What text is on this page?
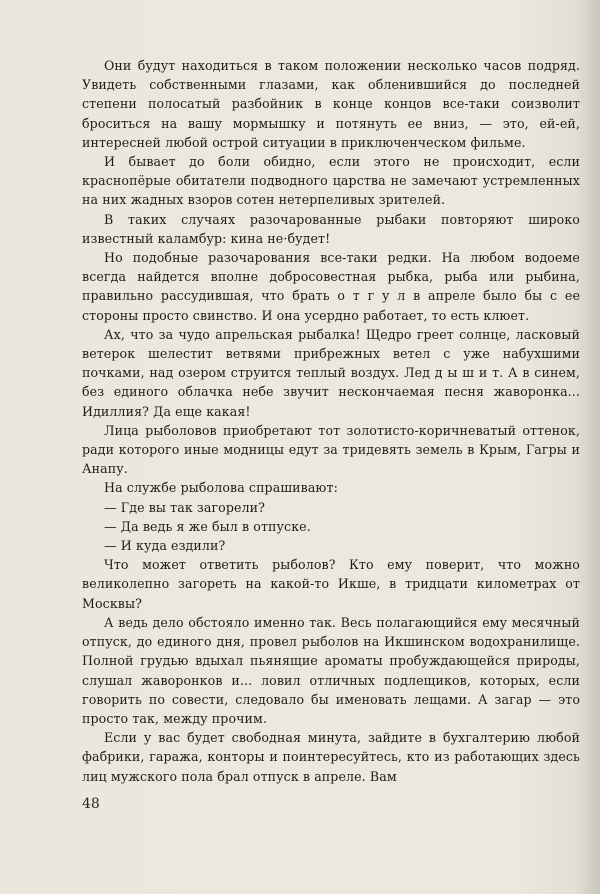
Они будут находиться в таком положении несколько часов подряд. Увидеть собственными глазами, как обленившийся до последней степени полосатый разбойник в конце концов все-таки соизволит броситься на вашу мормышку и потянуть ее вниз, — это, ей-ей, интересней любой острой ситуации в приключенческом фильме.

И бывает до боли обидно, если этого не происходит, если краснопёрые обитатели подводного царства не замечают устремленных на них жадных взоров сотен нетерпеливых зрителей.

В таких случаях разочарованные рыбаки повторяют широко известный каламбур: кина не·будет!

Но подобные разочарования все-таки редки. На любом водоеме всегда найдется вполне добросовестная рыбка, рыба или рыбина, правильно рассудившая, что брать о т г у л в апреле было бы с ее стороны просто свинство. И она усердно работает, то есть клюет.

Ах, что за чудо апрельская рыбалка! Щедро греет солнце, ласковый ветерок шелестит ветвями прибрежных ветел с уже набухшими почками, над озером струится теплый воздух. Лед д ы ш и т. А в синем, без единого облачка небе звучит нескончаемая песня жаворонка... Идиллия? Да еще какая!

Лица рыболовов приобретают тот золотисто-коричневатый оттенок, ради которого иные модницы едут за тридевять земель в Крым, Гагры и Анапу.

На службе рыболова спрашивают:

— Где вы так загорели?

— Да ведь я же был в отпуске.

— И куда ездили?

Что может ответить рыболов? Кто ему поверит, что можно великолепно загореть на какой-то Икше, в тридцати километрах от Москвы?

А ведь дело обстояло именно так. Весь полагающийся ему месячный отпуск, до единого дня, провел рыболов на Икшинском водохранилище. Полной грудью вдыхал пьянящие ароматы пробуждающейся природы, слушал жаворонков и... ловил отличных подлещиков, которых, если говорить по совести, следовало бы именовать лещами. А загар — это просто так, между прочим.

Если у вас будет свободная минута, зайдите в бухгалтерию любой фабрики, гаража, конторы и поинтересуйтесь, кто из работающих здесь лиц мужского пола брал отпуск в апреле. Вам

48
